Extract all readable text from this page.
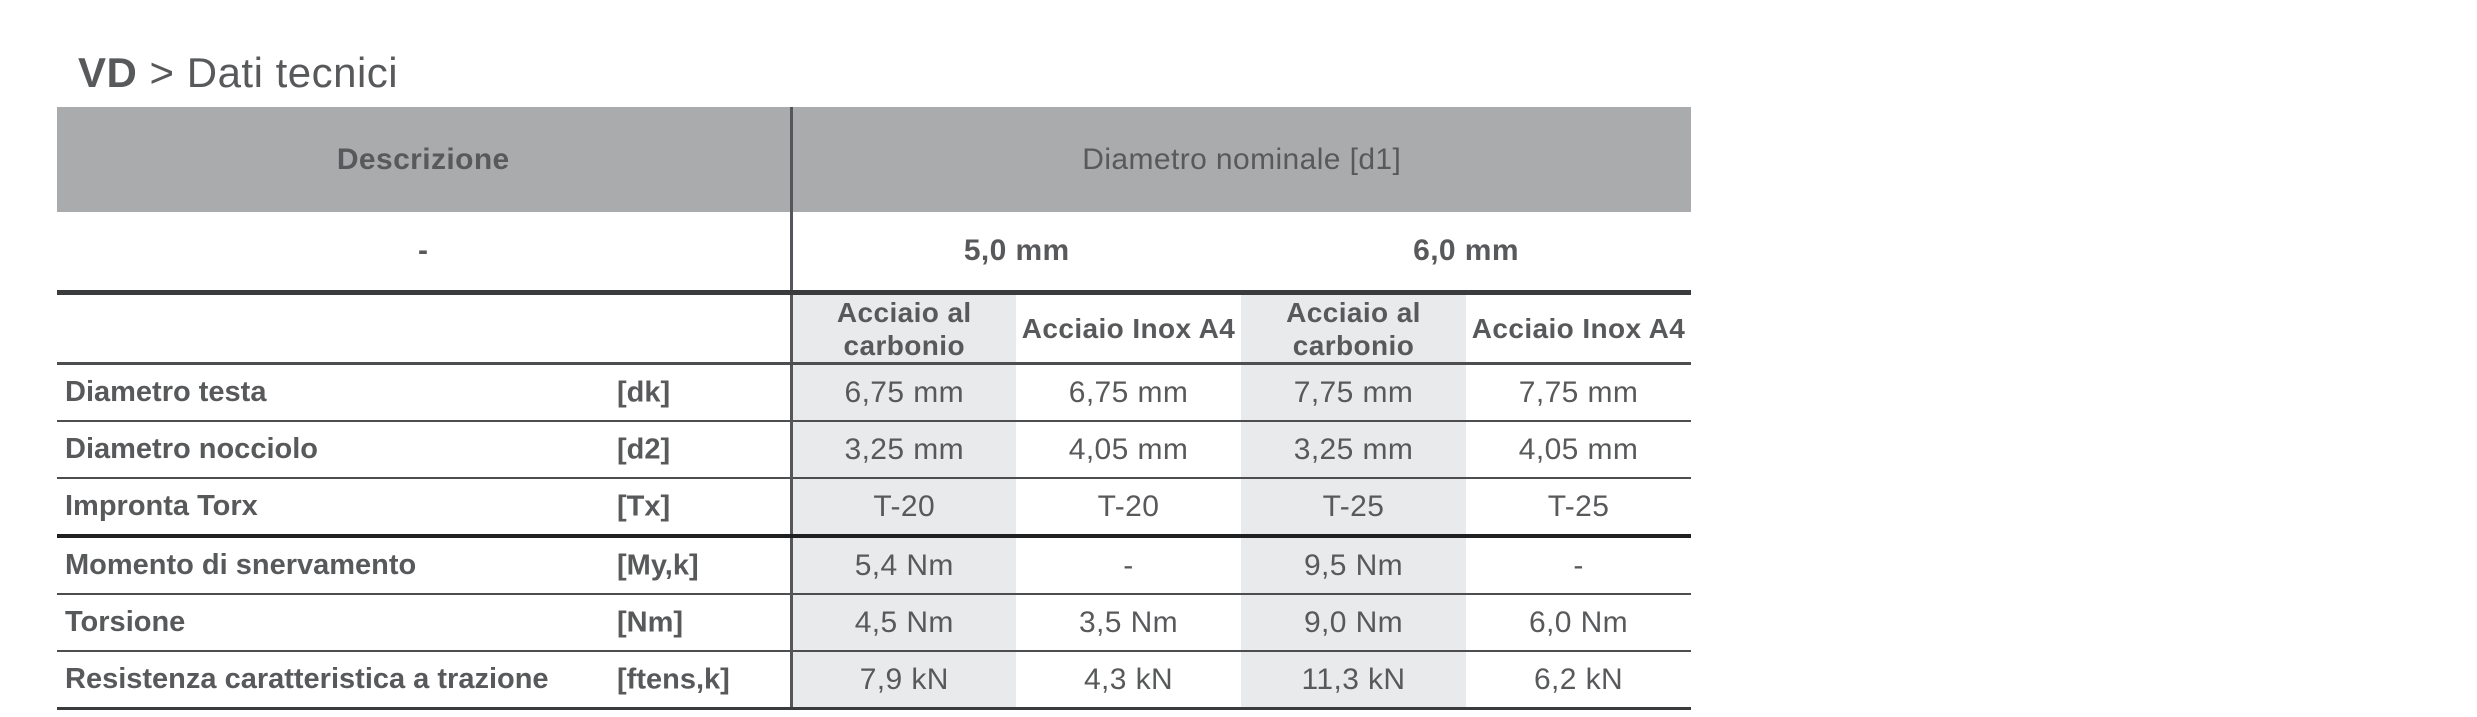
VD > Dati tecnici
Descrizione	Diametro nominale [d1]			
-	5,0 mm		6,0 mm	
	Acciaio al carbonio	Acciaio Inox A4	Acciaio al carbonio	Acciaio Inox A4
Diametro testa [dk]	6,75 mm	6,75 mm	7,75 mm	7,75 mm
Diametro nocciolo [d2]	3,25 mm	4,05 mm	3,25 mm	4,05 mm
Impronta Torx [Tx]	T-20	T-20	T-25	T-25
Momento di snervamento [My,k]	5,4 Nm	-	9,5 Nm	-
Torsione [Nm]	4,5 Nm	3,5 Nm	9,0 Nm	6,0 Nm
Resistenza caratteristica a trazione [ftens,k]	7,9 kN	4,3 kN	11,3 kN	6,2 kN
